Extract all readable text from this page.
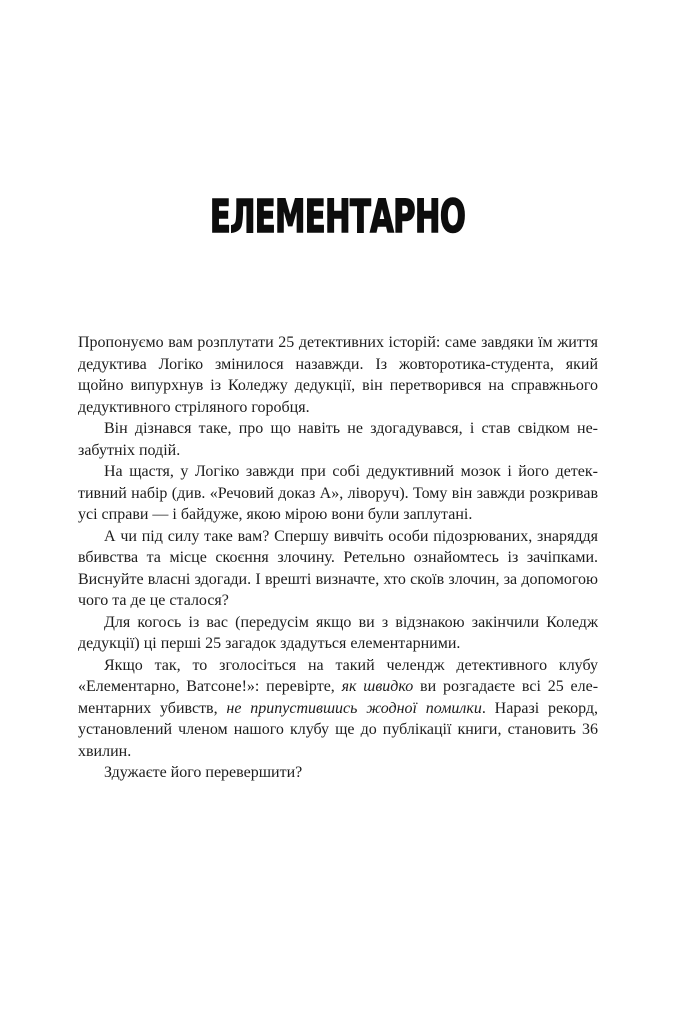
ЕЛЕМЕНТАРНО

Пропонуємо вам розплутати 25 детективних історій: саме завдяки їм життя дедуктива Логіко змінилося назавжди. Із жовторотика-студента, який щойно випурхнув із Коледжу дедукції, він перетворився на справжнього дедуктивного стріляного горобця.

Він дізнався таке, про що навіть не здогадувався, і став свідком незабутніх подій.

На щастя, у Логіко завжди при собі дедуктивний мозок і його детективний набір (див. «Речовий доказ А», ліворуч). Тому він завжди розкривав усі справи — і байдуже, якою мірою вони були заплутані.

А чи під силу таке вам? Спершу вивчіть особи підозрюваних, знаряддя вбивства та місце скоєння злочину. Ретельно ознайомтесь із зачіпками. Виснуйте власні здогади. І врешті визначте, хто скоїв злочин, за допомогою чого та де це сталося?

Для когось із вас (передусім якщо ви з відзнакою закінчили Коледж дедукції) ці перші 25 загадок здадуться елементарними.

Якщо так, то зголосіться на такий челендж детективного клубу «Елементарно, Ватсоне!»: перевірте, як швидко ви розгадаєте всі 25 елементарних убивств, не припустившись жодної помилки. Наразі рекорд, установлений членом нашого клубу ще до публікації книги, становить 36 хвилин.

Здужаєте його перевершити?
